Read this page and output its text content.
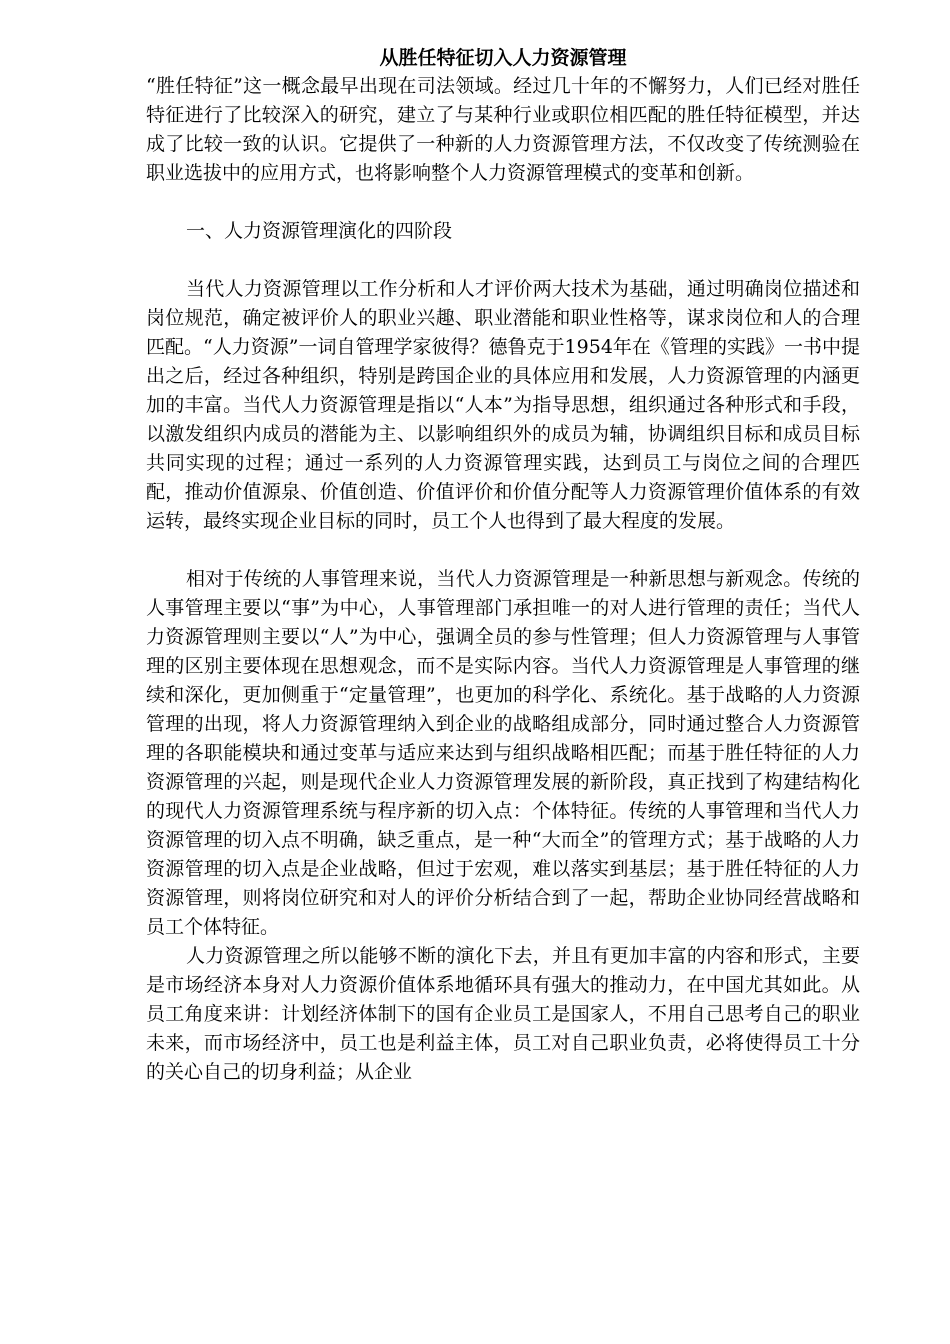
从胜任特征切入人力资源管理

“胜任特征”这一概念最早出现在司法领域。经过几十年的不懈努力，人们已经对胜任特征进行了比较深入的研究，建立了与某种行业或职位相匹配的胜任特征模型，并达成了比较一致的认识。它提供了一种新的人力资源管理方法，不仅改变了传统测验在职业选拔中的应用方式，也将影响整个人力资源管理模式的变革和创新。

一、人力资源管理演化的四阶段

当代人力资源管理以工作分析和人才评价两大技术为基础，通过明确岗位描述和岗位规范，确定被评价人的职业兴趣、职业潜能和职业性格等，谋求岗位和人的合理匹配。“人力资源”一词自管理学家彼得？德鲁克于1954年在《管理的实践》一书中提出之后，经过各种组织，特别是跨国企业的具体应用和发展，人力资源管理的内涵更加的丰富。当代人力资源管理是指以“人本”为指导思想，组织通过各种形式和手段，以激发组织内成员的潜能为主、以影响组织外的成员为辅，协调组织目标和成员目标共同实现的过程；通过一系列的人力资源管理实践，达到员工与岗位之间的合理匹配，推动价值源泉、价值创造、价值评价和价值分配等人力资源管理价值体系的有效运转，最终实现企业目标的同时，员工个人也得到了最大程度的发展。

相对于传统的人事管理来说，当代人力资源管理是一种新思想与新观念。传统的人事管理主要以“事”为中心，人事管理部门承担唯一的对人进行管理的责任；当代人力资源管理则主要以“人”为中心，强调全员的参与性管理；但人力资源管理与人事管理的区别主要体现在思想观念，而不是实际内容。当代人力资源管理是人事管理的继续和深化，更加侧重于“定量管理”，也更加的科学化、系统化。基于战略的人力资源管理的出现，将人力资源管理纳入到企业的战略组成部分，同时通过整合人力资源管理的各职能模块和通过变革与适应来达到与组织战略相匹配；而基于胜任特征的人力资源管理的兴起，则是现代企业人力资源管理发展的新阶段，真正找到了构建结构化的现代人力资源管理系统与程序新的切入点：个体特征。传统的人事管理和当代人力资源管理的切入点不明确，缺乏重点，是一种“大而全”的管理方式；基于战略的人力资源管理的切入点是企业战略，但过于宏观，难以落实到基层；基于胜任特征的人力资源管理，则将岗位研究和对人的评价分析结合到了一起，帮助企业协同经营战略和员工个体特征。

人力资源管理之所以能够不断的演化下去，并且有更加丰富的内容和形式，主要是市场经济本身对人力资源价值体系地循环具有强大的推动力，在中国尤其如此。从员工角度来讲：计划经济体制下的国有企业员工是国家人，不用自己思考自己的职业未来，而市场经济中，员工也是利益主体，员工对自己职业负责，必将使得员工十分的关心自己的切身利益；从企业
